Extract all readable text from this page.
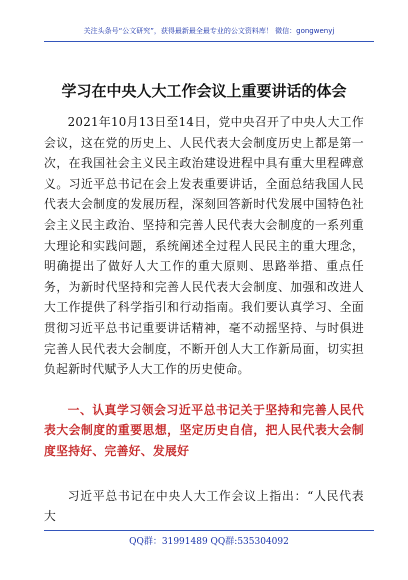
关注头条号“公文研究”，获得最新最全最专业的公文资料库！ 微信：gongwenyj
学习在中央人大工作会议上重要讲话的体会

2021年10月13日至14日，党中央召开了中央人大工作会议，这在党的历史上、人民代表大会制度历史上都是第一次，在我国社会主义民主政治建设进程中具有重大里程碑意义。习近平总书记在会上发表重要讲话，全面总结我国人民代表大会制度的发展历程，深刻回答新时代发展中国特色社会主义民主政治、坚持和完善人民代表大会制度的一系列重大理论和实践问题，系统阐述全过程人民民主的重大理念，明确提出了做好人大工作的重大原则、思路举措、重点任务，为新时代坚持和完善人民代表大会制度、加强和改进人大工作提供了科学指引和行动指南。我们要认真学习、全面贯彻习近平总书记重要讲话精神，毫不动摇坚持、与时俱进完善人民代表大会制度，不断开创人大工作新局面，切实担负起新时代赋予人大工作的历史使命。

一、认真学习领会习近平总书记关于坚持和完善人民代表大会制度的重要思想，坚定历史自信，把人民代表大会制度坚持好、完善好、发展好

习近平总书记在中央人大工作会议上指出：“人民代表大

QQ群：31991489 QQ群:535304092
